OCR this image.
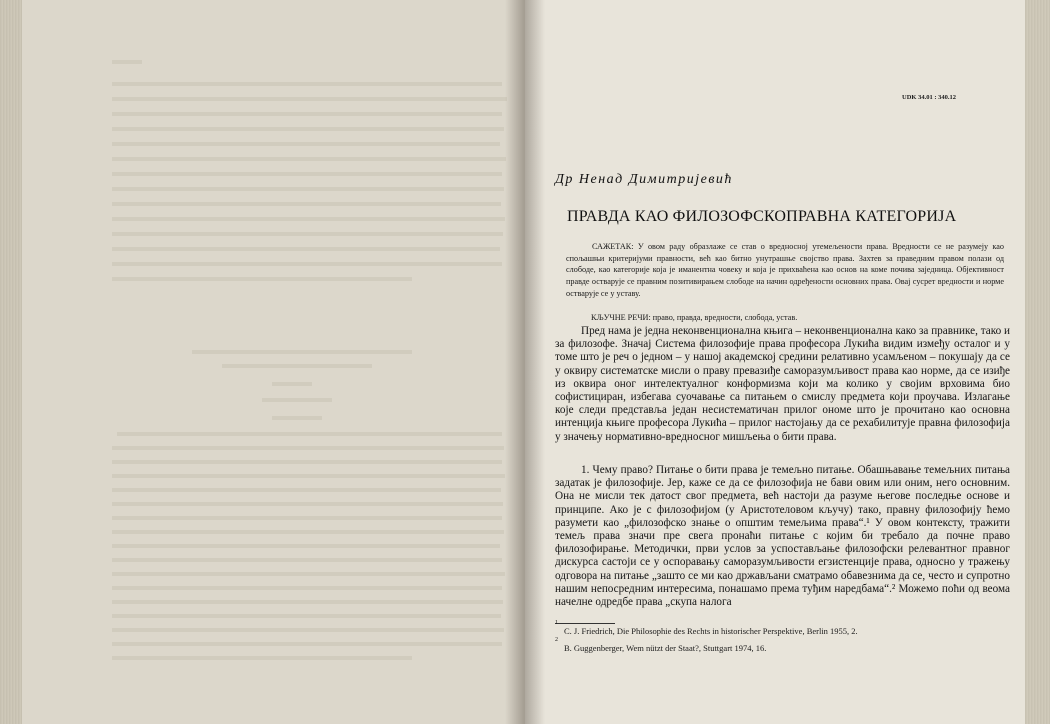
UDK 34.01 : 340.12
Др Ненад Димитријевић
ПРАВДА КАО ФИЛОЗОФСКОПРАВНА КАТЕГОРИЈА
САЖЕТАК: У овом раду образлаже се став о вредносној утемељености права. Вредности се не разумеју као спољашњи критеријуми правности, већ као битно унутрашње својство права. Захтев за праведним правом полази од слободе, као категорије која је иманентна човеку и која је прихваћена као основ на коме почива заједница. Објективност правде остварује се правним позитивирањем слободе на начин одређености основних права. Овај сусрет вредности и норме остварује се у уставу.
КЉУЧНЕ РЕЧИ: право, правда, вредности, слобода, устав.
Пред нама је једна неконвенционална књига – неконвенционална како за правнике, тако и за филозофе. Значај Система филозофије права професора Лукића видим између осталог и у томе што је реч о једном – у нашој академској средини релативно усамљеном – покушају да се у оквиру систематске мисли о праву превазиђе саморазумљивост права као норме, да се изиђе из оквира оног интелектуалног конформизма који ма колико у својим врховима био софистициран, избегава суочавање са питањем о смислу предмета који проучава. Излагање које следи представља један несистематичан прилог ономе што је прочитано као основна интенција књиге професора Лукића – прилог настојању да се рехабилитује правна филозофија у значењу нормативно-вредносног мишљења о бити права.
1. Чему право? Питање о бити права је темељно питање. Обашњавање темељних питања задатак је филозофије. Јер, каже се да се филозофија не бави овим или оним, него основним. Она не мисли тек датост свог предмета, већ настоји да разуме његове последње основе и принципе. Ако је с филозофијом (у Аристотеловом кључу) тако, правну филозофију ћемо разумети као „филозофско знање о општим темељима права“.¹ У овом контексту, тражити темељ права значи пре свега пронаћи питање с којим би требало да почне право филозофирање. Методички, први услов за успостављање филозофски релевантног правног дискурса састоји се у оспоравању саморазумљивости егзистенције права, односно у тражењу одговора на питање „зашто се ми као држављани сматрамо обавезнима да се, често и супротно нашим непосредним интересима, понашамо према туђим наредбама“.² Можемо поћи од веома начелне одредбе права „скупа налога
$^1$C. J. Friedrich, Die Philosophie des Rechts in historischer Perspektive, Berlin 1955, 2.
$^2$B. Guggenberger, Wem nützt der Staat?, Stuttgart 1974, 16.
